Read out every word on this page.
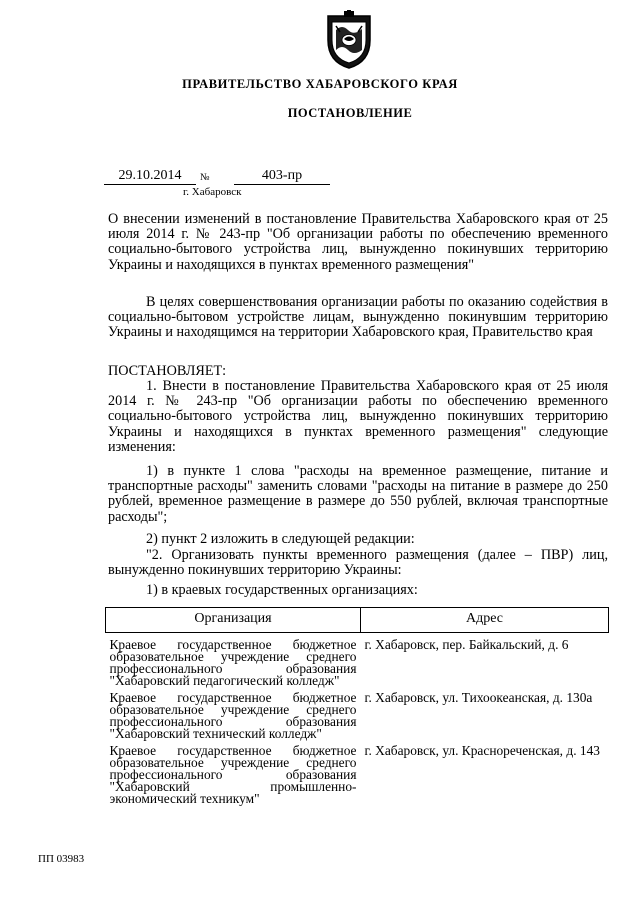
ПРАВИТЕЛЬСТВО ХАБАРОВСКОГО КРАЯ
ПОСТАНОВЛЕНИЕ
29.10.2014	№	403-пр
г. Хабаровск
О внесении изменений в постановление Правительства Хабаровского края от 25 июля 2014 г. № 243-пр "Об организации работы по обеспечению временного социально-бытового устройства лиц, вынужденно покинувших территорию Украины и находящихся в пунктах временного размещения"
В целях совершенствования организации работы по оказанию содействия в социально-бытовом устройстве лицам, вынужденно покинувшим территорию Украины и находящимся на территории Хабаровского края, Правительство края
ПОСТАНОВЛЯЕТ:
1. Внести в постановление Правительства Хабаровского края от 25 июля 2014 г. № 243-пр "Об организации работы по обеспечению временного социально-бытового устройства лиц, вынужденно покинувших территорию Украины и находящихся в пунктах временного размещения" следующие изменения:
1) в пункте 1 слова "расходы на временное размещение, питание и транспортные расходы" заменить словами "расходы на питание в размере до 250 рублей, временное размещение в размере до 550 рублей, включая транспортные расходы";
2) пункт 2 изложить в следующей редакции:
"2. Организовать пункты временного размещения (далее – ПВР) лиц, вынужденно покинувших территорию Украины:
1) в краевых государственных организациях:
Организация	Адрес
Краевое государственное бюджетное образовательное учреждение среднего профессионального образования "Хабаровский педагогический колледж"	г. Хабаровск, пер. Байкальский, д. 6
Краевое государственное бюджетное образовательное учреждение среднего профессионального образования "Хабаровский технический колледж"	г. Хабаровск, ул. Тихоокеанская, д. 130а
Краевое государственное бюджетное образовательное учреждение среднего профессионального образования "Хабаровский промышленно-экономический техникум"	г. Хабаровск, ул. Краснореченская, д. 143
ПП 03983
